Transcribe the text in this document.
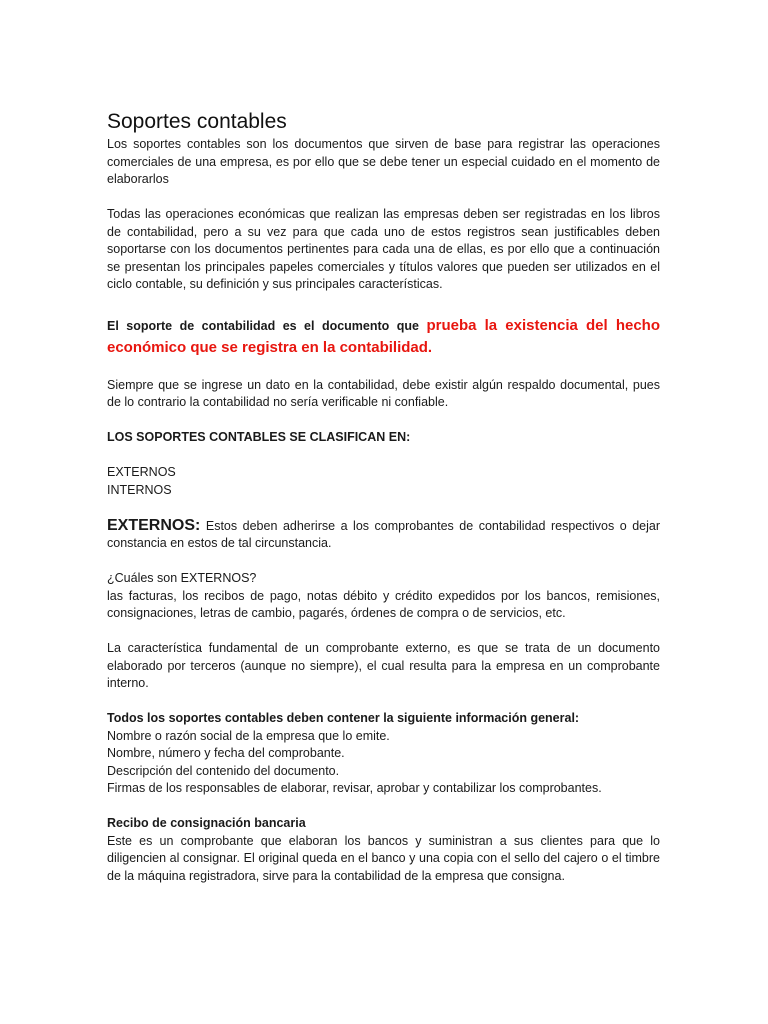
Soportes contables

Los soportes contables son los documentos que sirven de base para registrar las operaciones comerciales de una empresa, es por ello que se debe tener un especial cuidado en el momento de elaborarlos

Todas las operaciones económicas que realizan las empresas deben ser registradas en los libros de contabilidad, pero a su vez para que cada uno de estos registros sean justificables deben soportarse con los documentos pertinentes para cada una de ellas, es por ello que a continuación se presentan los principales papeles comerciales y títulos valores que pueden ser utilizados en el ciclo contable, su definición y sus principales características.

El soporte de contabilidad es el documento que prueba la existencia del hecho económico que se registra en la contabilidad.

Siempre que se ingrese un dato en la contabilidad, debe existir algún respaldo documental, pues de lo contrario la contabilidad no sería verificable ni confiable.

LOS SOPORTES CONTABLES SE CLASIFICAN EN:

EXTERNOS

INTERNOS

EXTERNOS: Estos deben adherirse a los comprobantes de contabilidad respectivos o dejar constancia en estos de tal circunstancia.

¿Cuáles son EXTERNOS?

las facturas, los recibos de pago, notas débito y crédito expedidos por los bancos, remisiones, consignaciones, letras de cambio, pagarés, órdenes de compra o de servicios, etc.

La característica fundamental de un comprobante externo, es que se trata de un documento elaborado por terceros (aunque no siempre), el cual resulta para la empresa en un comprobante interno.

Todos los soportes contables deben contener la siguiente información general:

Nombre o razón social de la empresa que lo emite.

Nombre, número y fecha del comprobante.

Descripción del contenido del documento.

Firmas de los responsables de elaborar, revisar, aprobar y contabilizar los comprobantes.

Recibo de consignación bancaria

Este es un comprobante que elaboran los bancos y suministran a sus clientes para que lo diligencien al consignar. El original queda en el banco y una copia con el sello del cajero o el timbre de la máquina registradora, sirve para la contabilidad de la empresa que consigna.
